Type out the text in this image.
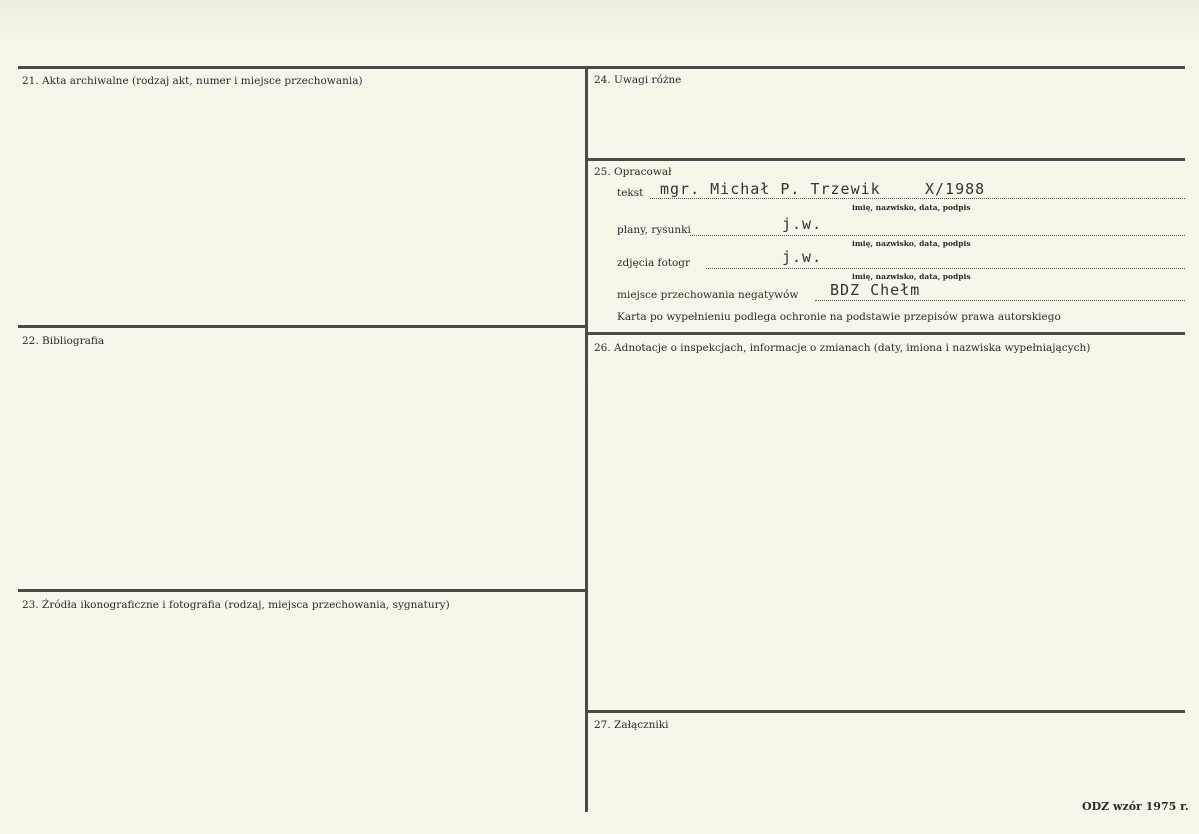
21. Akta archiwalne (rodzaj akt, numer i miejsce przechowania)
22. Bibliografia
23. Źródła ikonograficzne i fotografia (rodzaj, miejsca przechowania, sygnatury)
24. Uwagi różne
25. Opracował
26. Adnotacje o inspekcjach, informacje o zmianach (daty, imiona i nazwiska wypełniających)
27. Załączniki
tekst mgr. Michał P. Trzewik	X/1988
imię, nazwisko, data, podpis
plany, rysunki	j.w.
imię, nazwisko, data, podpis
zdjęcia fotogr	j.w.
imię, nazwisko, data, podpis
miejsce przechowania negatywów BDZ Chełm
Karta po wypełnieniu podlega ochronie na podstawie przepisów prawa autorskiego
ODZ wzór 1975 r.
